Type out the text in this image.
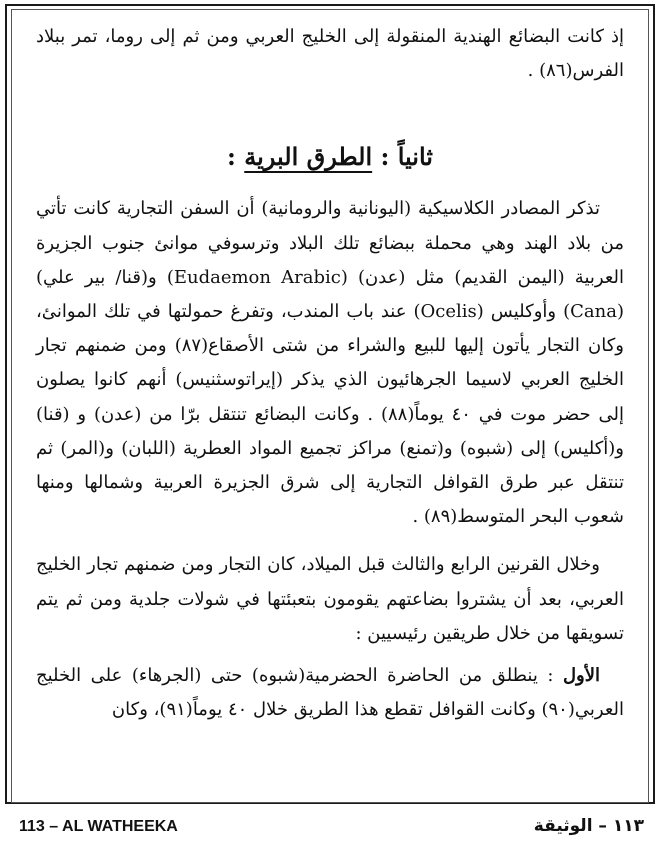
إذ كانت البضائع الهندية المنقولة إلى الخليج العربي ومن ثم إلى روما، تمر ببلاد الفرس(٨٦) .

ثانياً : الطرق البرية :

تذكر المصادر الكلاسيكية (اليونانية والرومانية) أن السفن التجارية كانت تأتي من بلاد الهند وهي محملة ببضائع تلك البلاد وترسوفي موانئ جنوب الجزيرة العربية (اليمن القديم) مثل (عدن) (Eudaemon Arabic) و(قنا/ بير علي) (Cana) وأوكليس (Ocelis) عند باب المندب، وتفرغ حمولتها في تلك الموانئ، وكان التجار يأتون إليها للبيع والشراء من شتى الأصقاع(٨٧) ومن ضمنهم تجار الخليج العربي لاسيما الجرهائيون الذي يذكر (إيراتوسثنيس) أنهم كانوا يصلون إلى حضر موت في ٤٠ يوماً(٨٨) . وكانت البضائع تنتقل برّا من (عدن) و (قنا) و(أكليس) إلى (شبوه) و(تمنع) مراكز تجميع المواد العطرية (اللبان) و(المر) ثم تنتقل عبر طرق القوافل التجارية إلى شرق الجزيرة العربية وشمالها ومنها شعوب البحر المتوسط(٨٩) .

وخلال القرنين الرابع والثالث قبل الميلاد، كان التجار ومن ضمنهم تجار الخليج العربي، بعد أن يشتروا بضاعتهم يقومون بتعبئتها في شولات جلدية ومن ثم يتم تسويقها من خلال طريقين رئيسيين :

الأول : ينطلق من الحاضرة الحضرمية(شبوه) حتى (الجرهاء) على الخليج العربي(٩٠) وكانت القوافل تقطع هذا الطريق خلال ٤٠ يوماً(٩١)، وكان

113 – AL WATHEEKA	١١٣ – الوثيقة
